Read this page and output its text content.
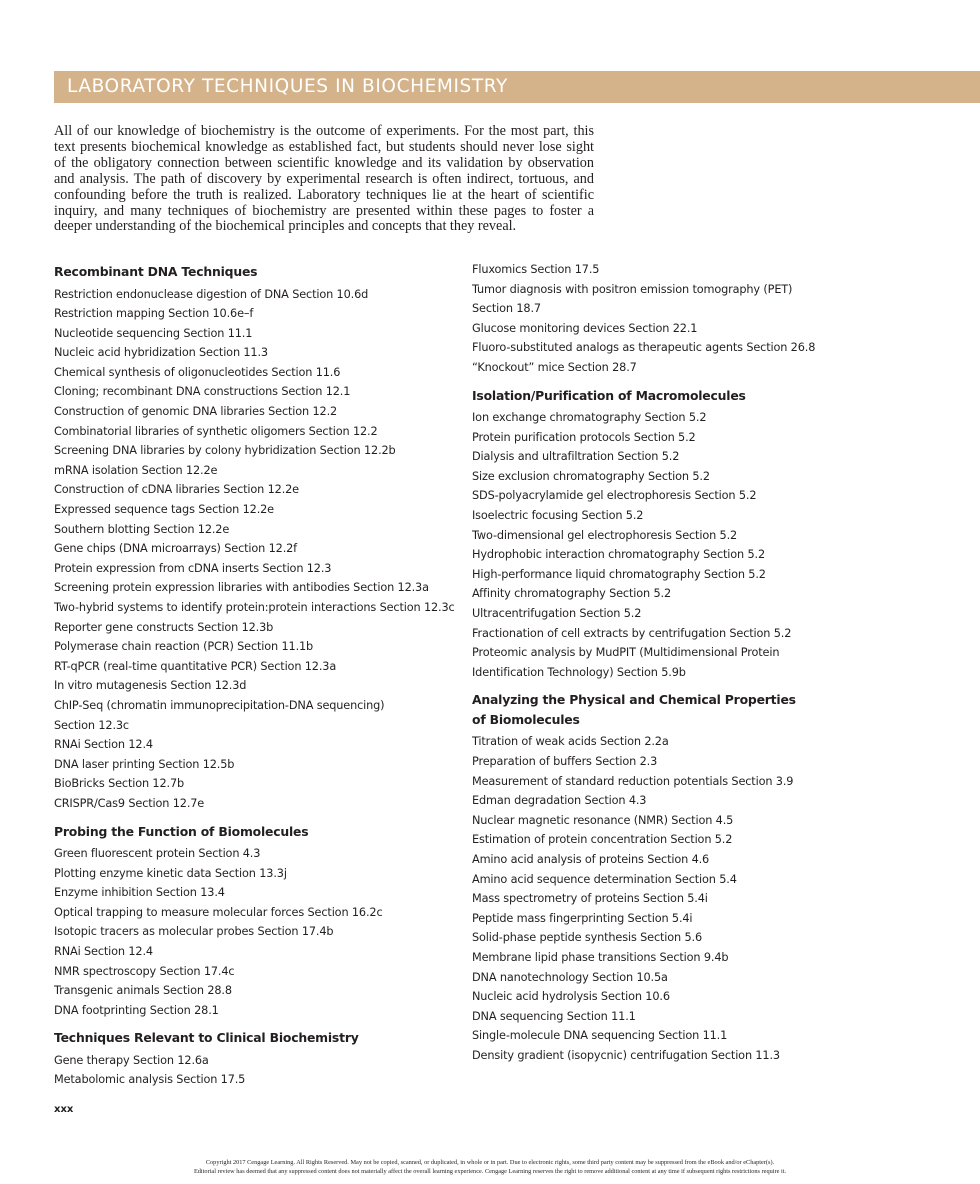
LABORATORY TECHNIQUES IN BIOCHEMISTRY

All of our knowledge of biochemistry is the outcome of experiments. For the most part, this text presents biochemical knowledge as established fact, but students should never lose sight of the obligatory connection between scientific knowledge and its validation by observation and analysis. The path of discovery by experimental research is often indirect, tortuous, and confounding before the truth is realized. Laboratory techniques lie at the heart of scientific inquiry, and many techniques of biochemistry are presented within these pages to foster a deeper understanding of the biochemical principles and concepts that they reveal.

Recombinant DNA Techniques
Restriction endonuclease digestion of DNA Section 10.6d
Restriction mapping Section 10.6e–f
Nucleotide sequencing Section 11.1
Nucleic acid hybridization Section 11.3
Chemical synthesis of oligonucleotides Section 11.6
Cloning; recombinant DNA constructions Section 12.1
Construction of genomic DNA libraries Section 12.2
Combinatorial libraries of synthetic oligomers Section 12.2
Screening DNA libraries by colony hybridization Section 12.2b
mRNA isolation Section 12.2e
Construction of cDNA libraries Section 12.2e
Expressed sequence tags Section 12.2e
Southern blotting Section 12.2e
Gene chips (DNA microarrays) Section 12.2f
Protein expression from cDNA inserts Section 12.3
Screening protein expression libraries with antibodies Section 12.3a
Two-hybrid systems to identify protein:protein interactions Section 12.3c
Reporter gene constructs Section 12.3b
Polymerase chain reaction (PCR) Section 11.1b
RT-qPCR (real-time quantitative PCR) Section 12.3a
In vitro mutagenesis Section 12.3d
ChIP-Seq (chromatin immunoprecipitation-DNA sequencing)
Section 12.3c
RNAi Section 12.4
DNA laser printing Section 12.5b
BioBricks Section 12.7b
CRISPR/Cas9 Section 12.7e
Probing the Function of Biomolecules
Green fluorescent protein Section 4.3
Plotting enzyme kinetic data Section 13.3j
Enzyme inhibition Section 13.4
Optical trapping to measure molecular forces Section 16.2c
Isotopic tracers as molecular probes Section 17.4b
RNAi Section 12.4
NMR spectroscopy Section 17.4c
Transgenic animals Section 28.8
DNA footprinting Section 28.1
Techniques Relevant to Clinical Biochemistry
Gene therapy Section 12.6a
Metabolomic analysis Section 17.5
Fluxomics Section 17.5
Tumor diagnosis with positron emission tomography (PET)
Section 18.7
Glucose monitoring devices Section 22.1
Fluoro-substituted analogs as therapeutic agents Section 26.8
“Knockout” mice Section 28.7
Isolation/Purification of Macromolecules
Ion exchange chromatography Section 5.2
Protein purification protocols Section 5.2
Dialysis and ultrafiltration Section 5.2
Size exclusion chromatography Section 5.2
SDS-polyacrylamide gel electrophoresis Section 5.2
Isoelectric focusing Section 5.2
Two-dimensional gel electrophoresis Section 5.2
Hydrophobic interaction chromatography Section 5.2
High-performance liquid chromatography Section 5.2
Affinity chromatography Section 5.2
Ultracentrifugation Section 5.2
Fractionation of cell extracts by centrifugation Section 5.2
Proteomic analysis by MudPIT (Multidimensional Protein
Identification Technology) Section 5.9b
Analyzing the Physical and Chemical Properties
of Biomolecules
Titration of weak acids Section 2.2a
Preparation of buffers Section 2.3
Measurement of standard reduction potentials Section 3.9
Edman degradation Section 4.3
Nuclear magnetic resonance (NMR) Section 4.5
Estimation of protein concentration Section 5.2
Amino acid analysis of proteins Section 4.6
Amino acid sequence determination Section 5.4
Mass spectrometry of proteins Section 5.4i
Peptide mass fingerprinting Section 5.4i
Solid-phase peptide synthesis Section 5.6
Membrane lipid phase transitions Section 9.4b
DNA nanotechnology Section 10.5a
Nucleic acid hydrolysis Section 10.6
DNA sequencing Section 11.1
Single-molecule DNA sequencing Section 11.1
Density gradient (isopycnic) centrifugation Section 11.3
xxx
Copyright 2017 Cengage Learning. All Rights Reserved. May not be copied, scanned, or duplicated, in whole or in part. Due to electronic rights, some third party content may be suppressed from the eBook and/or eChapter(s).
Editorial review has deemed that any suppressed content does not materially affect the overall learning experience. Cengage Learning reserves the right to remove additional content at any time if subsequent rights restrictions require it.
